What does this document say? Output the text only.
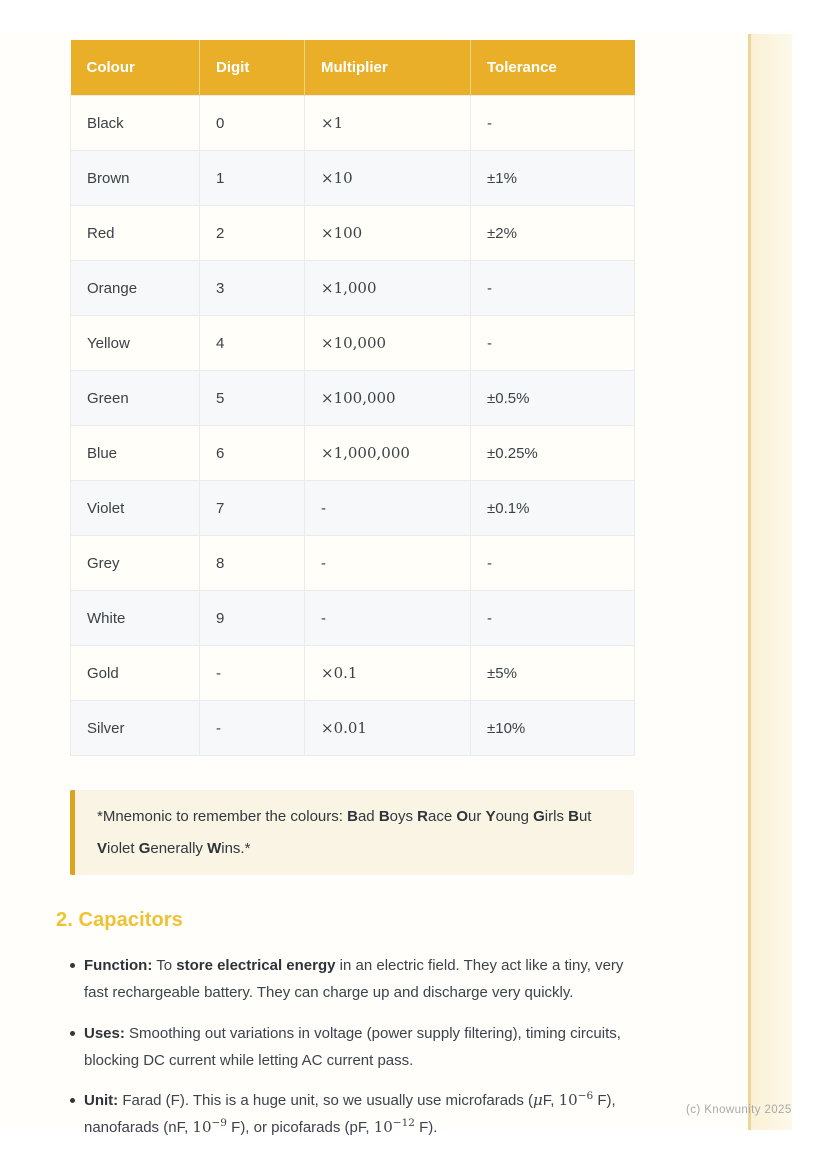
Colour	Digit	Multiplier	Tolerance
Black	0	×1	-
Brown	1	×10	±1%
Red	2	×100	±2%
Orange	3	×1,000	-
Yellow	4	×10,000	-
Green	5	×100,000	±0.5%
Blue	6	×1,000,000	±0.25%
Violet	7	-	±0.1%
Grey	8	-	-
White	9	-	-
Gold	-	×0.1	±5%
Silver	-	×0.01	±10%
*Mnemonic to remember the colours: Bad Boys Race Our Young Girls But Violet Generally Wins.*
2. Capacitors
Function: To store electrical energy in an electric field. They act like a tiny, very fast rechargeable battery. They can charge up and discharge very quickly.
Uses: Smoothing out variations in voltage (power supply filtering), timing circuits, blocking DC current while letting AC current pass.
Unit: Farad (F). This is a huge unit, so we usually use microfarads (μF, $10^{-6}$ F), nanofarads (nF, $10^{-9}$ F), or picofarads (pF, $10^{-12}$ F).
(c) Knowunity 2025
